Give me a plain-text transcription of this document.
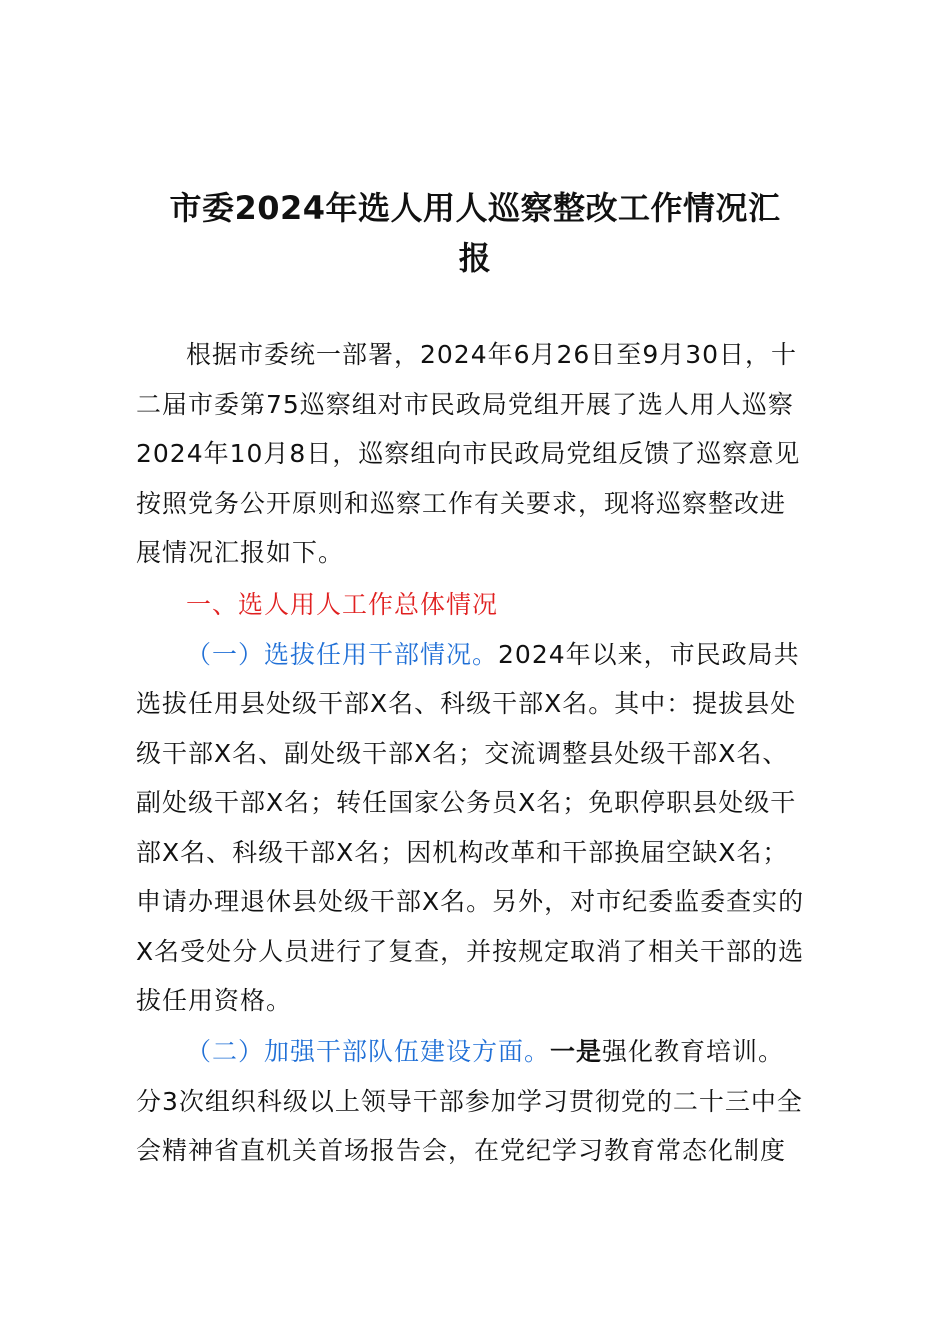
市委2024年选人用人巡察整改工作情况汇
报
根据市委统一部署，2024年6月26日至9月30日，十
二届市委第75巡察组对市民政局党组开展了选人用人巡察
2024年10月8日，巡察组向市民政局党组反馈了巡察意见
按照党务公开原则和巡察工作有关要求，现将巡察整改进
展情况汇报如下。
一、选人用人工作总体情况
（一）选拔任用干部情况。2024年以来，市民政局共
选拔任用县处级干部X名、科级干部X名。其中：提拔县处
级干部X名、副处级干部X名；交流调整县处级干部X名、
副处级干部X名；转任国家公务员X名；免职停职县处级干
部X名、科级干部X名；因机构改革和干部换届空缺X名；
申请办理退休县处级干部X名。另外，对市纪委监委查实的
X名受处分人员进行了复查，并按规定取消了相关干部的选
拔任用资格。
（二）加强干部队伍建设方面。一是强化教育培训。
分3次组织科级以上领导干部参加学习贯彻党的二十三中全
会精神省直机关首场报告会，在党纪学习教育常态化制度
